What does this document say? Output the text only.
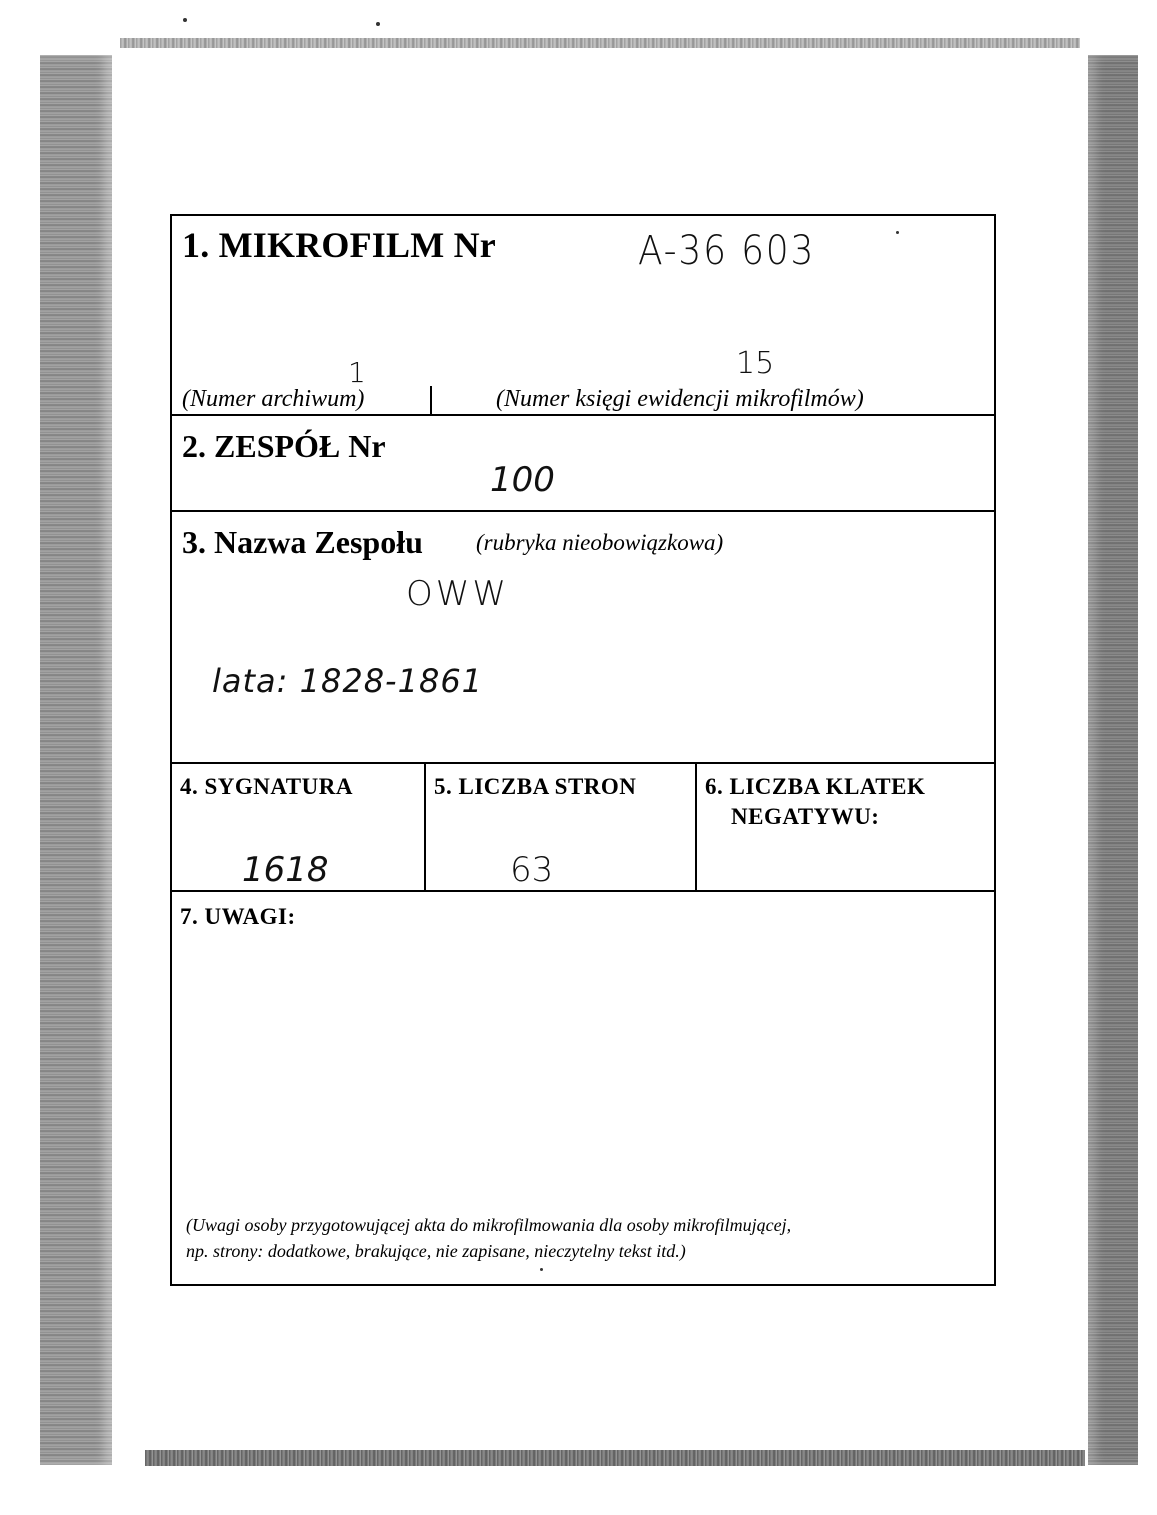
1. MIKROFILM Nr	A-36 603
1	15
(Numer archiwum)	(Numer księgi ewidencji mikrofilmów)
2. ZESPÓŁ Nr
100
3. Nazwa Zespołu (rubryka nieobowiązkowa)
OWW
lata: 1828-1861
4. SYGNATURA
1618
5. LICZBA STRON
63
6. LICZBA KLATEK
NEGATYWU:
7. UWAGI:
(Uwagi osoby przygotowującej akta do mikrofilmowania dla osoby mikrofilmującej,
np. strony: dodatkowe, brakujące, nie zapisane, nieczytelny tekst itd.)
